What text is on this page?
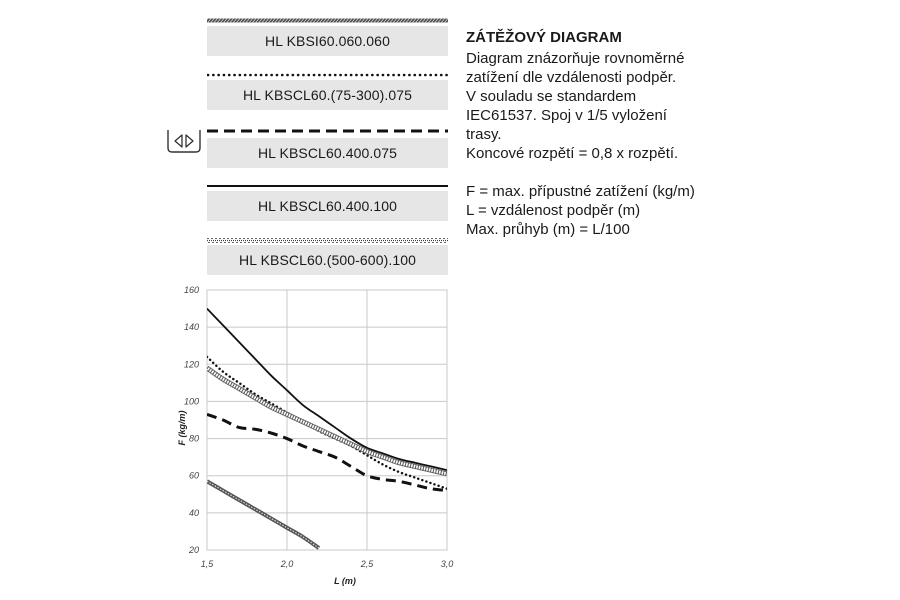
HL KBSI60.060.060
HL KBSCL60.(75-300).075
HL KBSCL60.400.075
HL KBSCL60.400.100
HL KBSCL60.(500-600).100
ZÁTĚŽOVÝ DIAGRAM
Diagram znázorňuje rovnoměrné
zatížení dle vzdálenosti podpěr.
V souladu se standardem
IEC61537. Spoj v 1/5 vyložení
trasy.
Koncové rozpětí = 0,8 x rozpětí.
F = max. přípustné zatížení (kg/m)
L = vzdálenost podpěr (m)
Max. průhyb (m) = L/100
20
40
60
80
100
120
140
160
1,5	2,0	2,5	3,0
L (m)
F (kg/m)
